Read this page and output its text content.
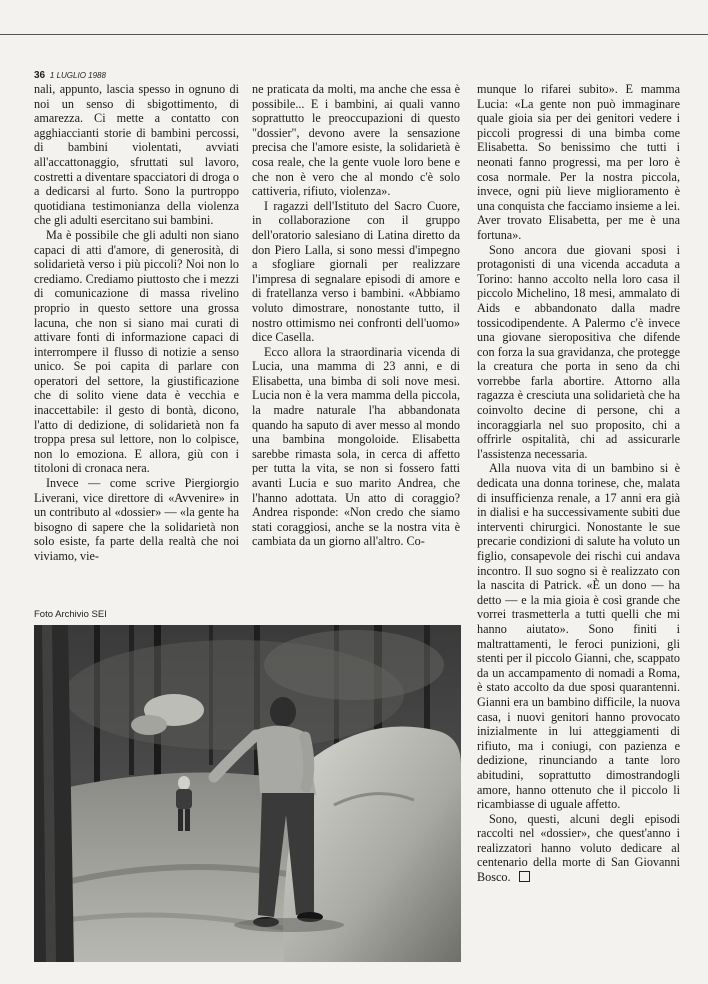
36 1 LUGLIO 1988

nali, appunto, lascia spesso in ognuno di noi un senso di sbigottimento, di amarezza. Ci mette a contatto con agghiaccianti storie di bambini percossi, di bambini violentati, avviati all'accattonaggio, sfruttati sul lavoro, costretti a diventare spacciatori di droga o a dedicarsi al furto. Sono la purtroppo quotidiana testimonianza della violenza che gli adulti esercitano sui bambini.

Ma è possibile che gli adulti non siano capaci di atti d'amore, di generosità, di solidarietà verso i più piccoli? Noi non lo crediamo. Crediamo piuttosto che i mezzi di comunicazione di massa rivelino proprio in questo settore una grossa lacuna, che non si siano mai curati di attivare fonti di informazione capaci di interrompere il flusso di notizie a senso unico. Se poi capita di parlare con operatori del settore, la giustificazione che di solito viene data è vecchia e inaccettabile: il gesto di bontà, dicono, l'atto di dedizione, di solidarietà non fa troppa presa sul lettore, non lo colpisce, non lo emoziona. E allora, giù con i titoloni di cronaca nera.

Invece — come scrive Piergiorgio Liverani, vice direttore di «Avvenire» in un contributo al «dossier» — «la gente ha bisogno di sapere che la solidarietà non solo esiste, fa parte della realtà che noi viviamo, vie-

ne praticata da molti, ma anche che essa è possibile... E i bambini, ai quali vanno soprattutto le preoccupazioni di questo "dossier", devono avere la sensazione precisa che l'amore esiste, la solidarietà è cosa reale, che la gente vuole loro bene e che non è vero che al mondo c'è solo cattiveria, rifiuto, violenza».

I ragazzi dell'Istituto del Sacro Cuore, in collaborazione con il gruppo dell'oratorio salesiano di Latina diretto da don Piero Lalla, si sono messi d'impegno a sfogliare giornali per realizzare l'impresa di segnalare episodi di amore e di fratellanza verso i bambini. «Abbiamo voluto dimostrare, nonostante tutto, il nostro ottimismo nei confronti dell'uomo» dice Casella.

Ecco allora la straordinaria vicenda di Lucia, una mamma di 23 anni, e di Elisabetta, una bimba di soli nove mesi. Lucia non è la vera mamma della piccola, la madre naturale l'ha abbandonata quando ha saputo di aver messo al mondo una bambina mongoloide. Elisabetta sarebbe rimasta sola, in cerca di affetto per tutta la vita, se non si fossero fatti avanti Lucia e suo marito Andrea, che l'hanno adottata. Un atto di coraggio? Andrea risponde: «Non credo che siamo stati coraggiosi, anche se la nostra vita è cambiata da un giorno all'altro. Co-

munque lo rifarei subito». E mamma Lucia: «La gente non può immaginare quale gioia sia per dei genitori vedere i piccoli progressi di una bimba come Elisabetta. So benissimo che tutti i neonati fanno progressi, ma per loro è cosa normale. Per la nostra piccola, invece, ogni più lieve miglioramento è una conquista che facciamo insieme a lei. Aver trovato Elisabetta, per me è una fortuna».

Sono ancora due giovani sposi i protagonisti di una vicenda accaduta a Torino: hanno accolto nella loro casa il piccolo Michelino, 18 mesi, ammalato di Aids e abbandonato dalla madre tossicodipendente. A Palermo c'è invece una giovane sieropositiva che difende con forza la sua gravidanza, che protegge la creatura che porta in seno da chi vorrebbe farla abortire. Attorno alla ragazza è cresciuta una solidarietà che ha coinvolto decine di persone, chi a incoraggiarla nel suo proposito, chi a offrirle ospitalità, chi ad assicurarle l'assistenza necessaria.

Alla nuova vita di un bambino si è dedicata una donna torinese, che, malata di insufficienza renale, a 17 anni era già in dialisi e ha successivamente subiti due interventi chirurgici. Nonostante le sue precarie condizioni di salute ha voluto un figlio, consapevole dei rischi cui andava incontro. Il suo sogno si è realizzato con la nascita di Patrick. «È un dono — ha detto — e la mia gioia è così grande che vorrei trasmetterla a tutti quelli che mi hanno aiutato». Sono finiti i maltrattamenti, le feroci punizioni, gli stenti per il piccolo Gianni, che, scappato da un accampamento di nomadi a Roma, è stato accolto da due sposi quarantenni. Gianni era un bambino difficile, la nuova casa, i nuovi genitori hanno provocato inizialmente in lui atteggiamenti di rifiuto, ma i coniugi, con pazienza e dedizione, rinunciando a tante loro abitudini, soprattutto dimostrandogli amore, hanno ottenuto che il piccolo li ricambiasse di uguale affetto.

Sono, questi, alcuni degli episodi raccolti nel «dossier», che quest'anno i realizzatori hanno voluto dedicare al centenario della morte di San Giovanni Bosco.

Foto Archivio SEI
